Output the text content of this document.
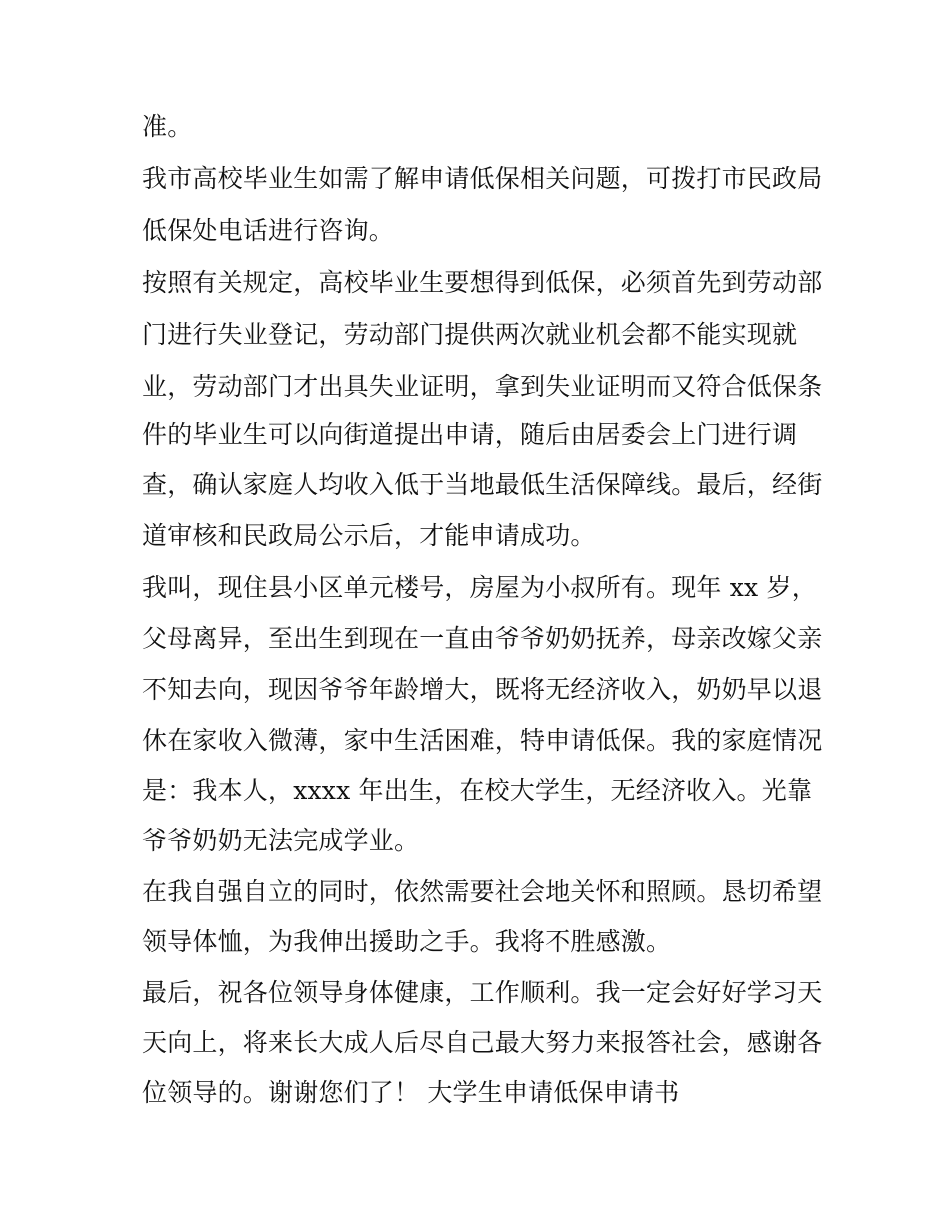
准。
我市高校毕业生如需了解申请低保相关问题，可拨打市民政局
低保处电话进行咨询。
按照有关规定，高校毕业生要想得到低保，必须首先到劳动部
门进行失业登记，劳动部门提供两次就业机会都不能实现就
业，劳动部门才出具失业证明，拿到失业证明而又符合低保条
件的毕业生可以向街道提出申请，随后由居委会上门进行调
查，确认家庭人均收入低于当地最低生活保障线。最后，经街
道审核和民政局公示后，才能申请成功。
我叫，现住县小区单元楼号，房屋为小叔所有。现年 xx 岁，
父母离异，至出生到现在一直由爷爷奶奶抚养，母亲改嫁父亲
不知去向，现因爷爷年龄增大，既将无经济收入，奶奶早以退
休在家收入微薄，家中生活困难，特申请低保。我的家庭情况
是：我本人，xxxx 年出生，在校大学生，无经济收入。光靠
爷爷奶奶无法完成学业。
在我自强自立的同时，依然需要社会地关怀和照顾。恳切希望
领导体恤，为我伸出援助之手。我将不胜感激。
最后，祝各位领导身体健康，工作顺利。我一定会好好学习天
天向上，将来长大成人后尽自己最大努力来报答社会，感谢各
位领导的。谢谢您们了！ 大学生申请低保申请书
